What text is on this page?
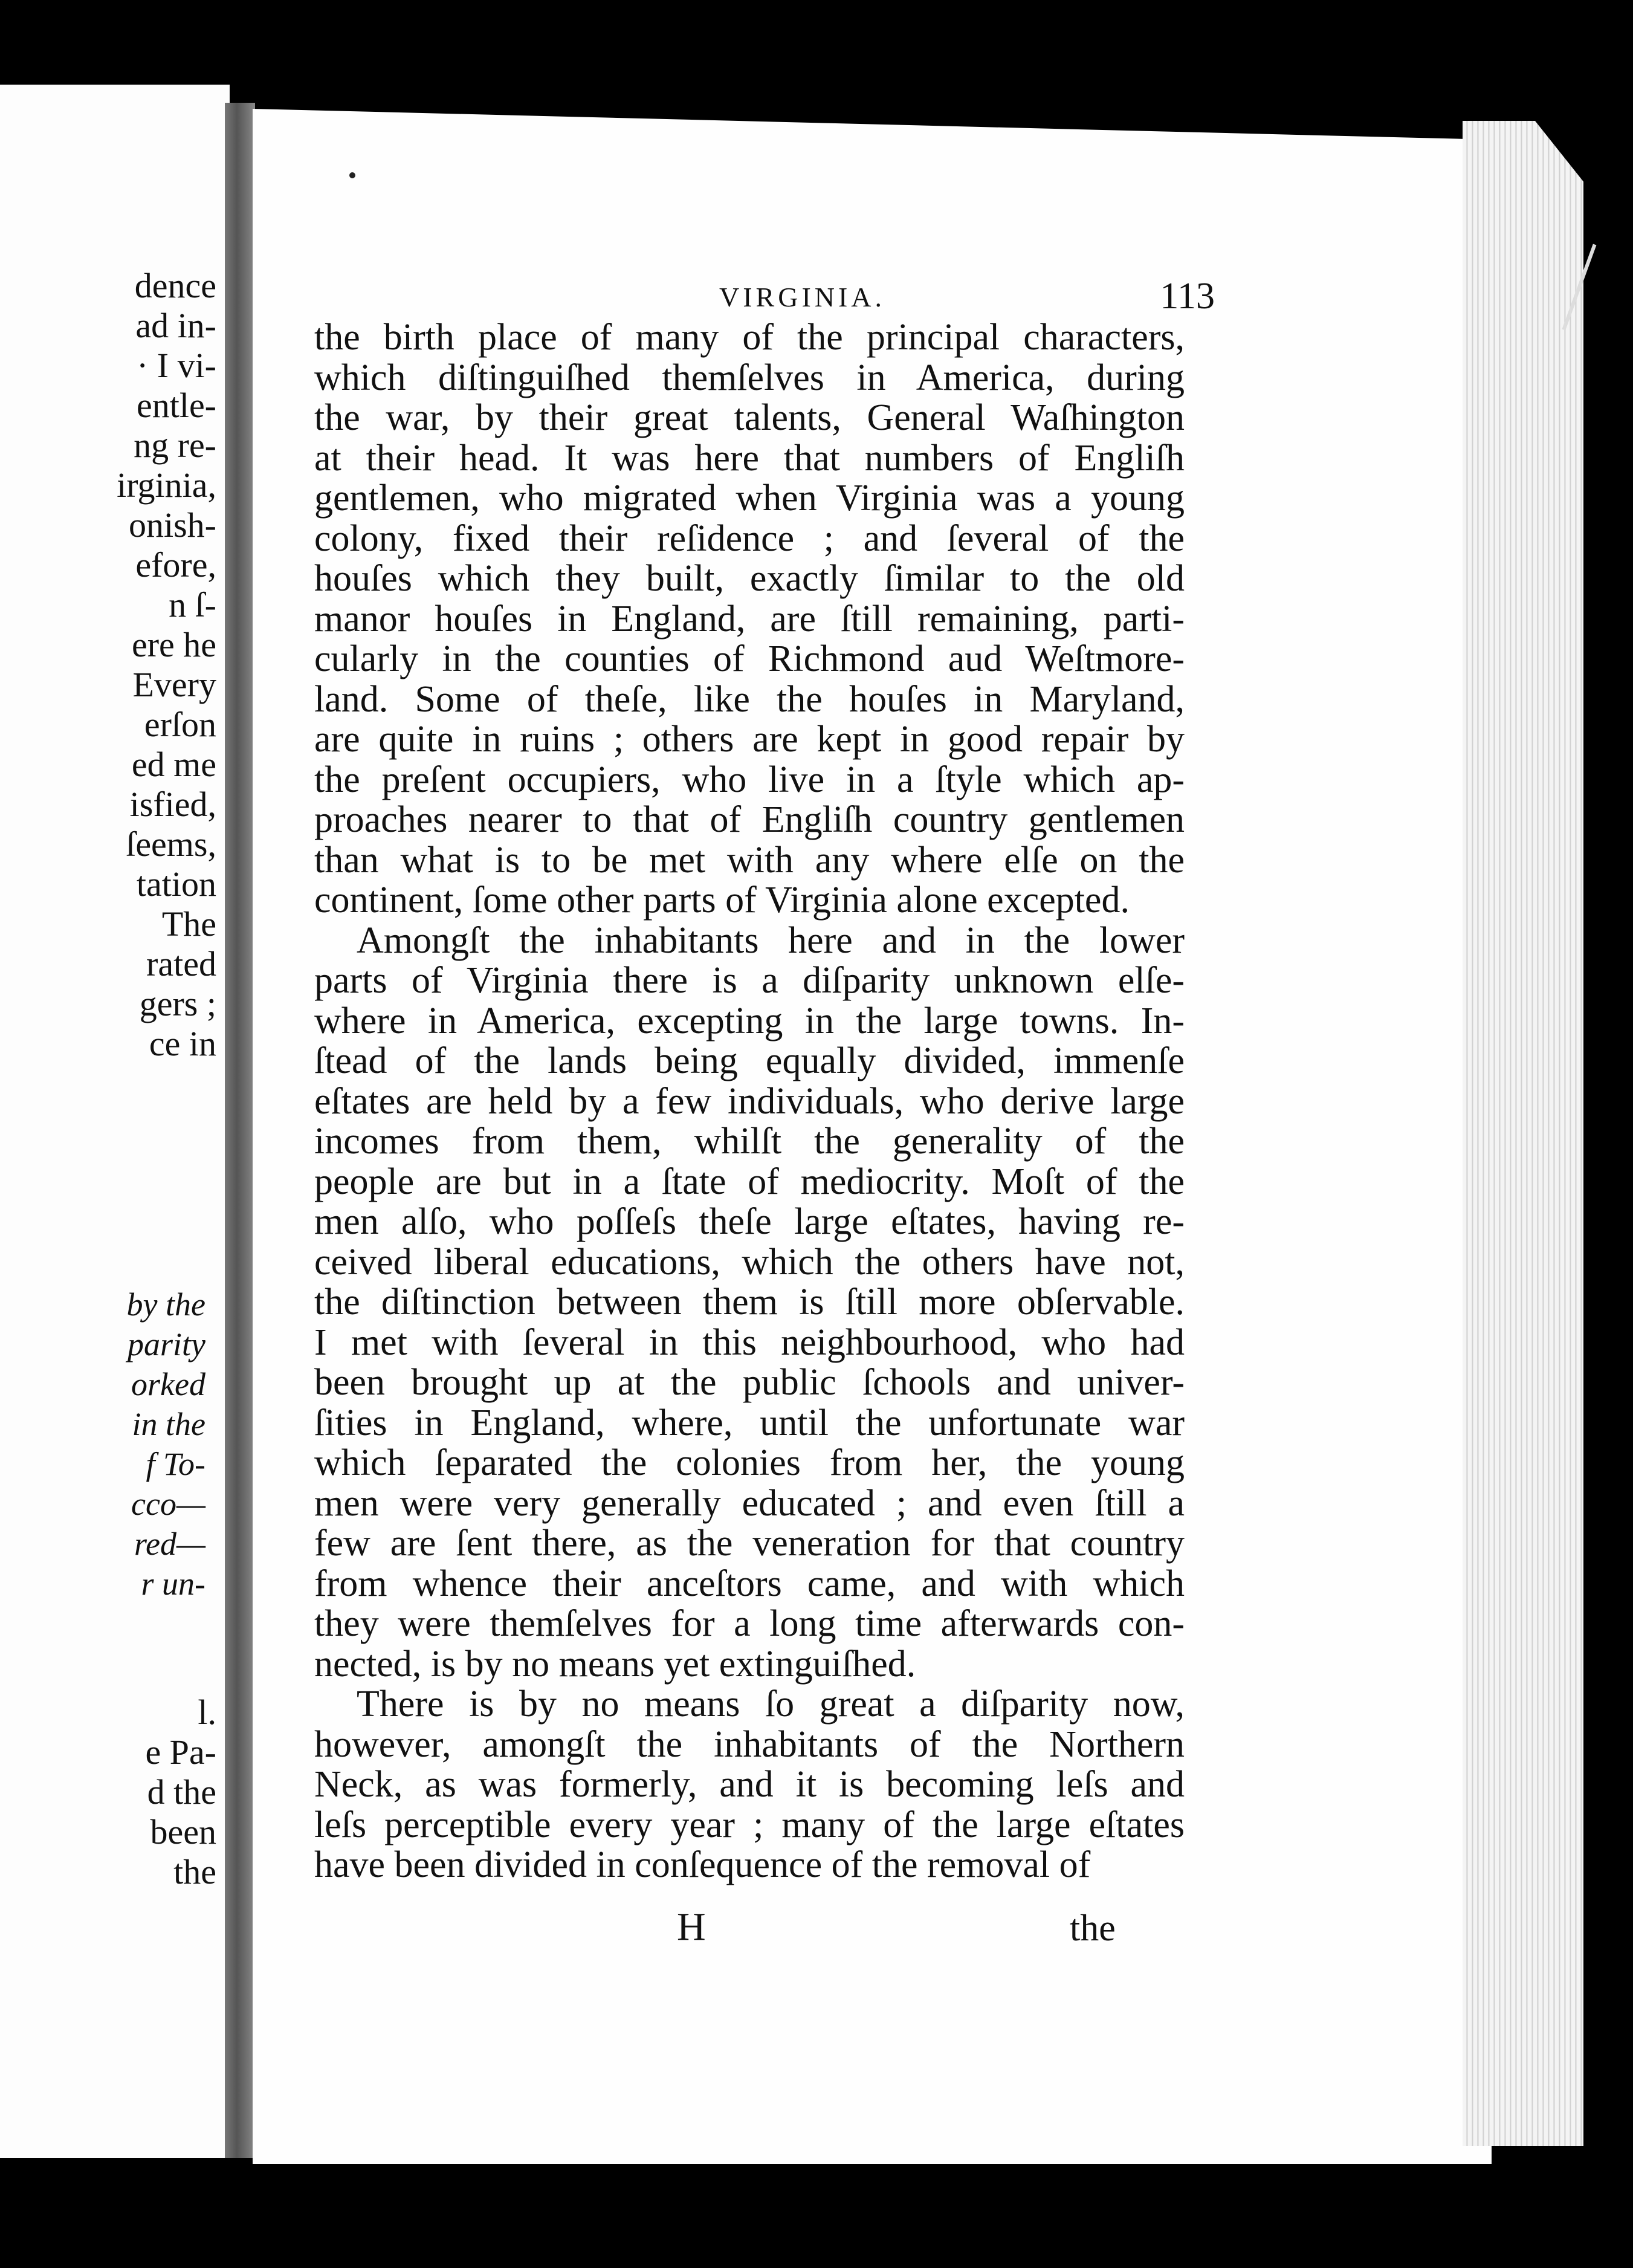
dence
ad in-
· I vi-
entle-
ng re-
irginia,
onish-
efore,
n ſ-
ere he
Every
erſon
ed me
isfied,
ſeems,
tation
The
rated
gers ;
ce in
by the
parity
orked
in the
f To-
cco—
red—
r un-
l.
e Pa-
d the
been
the
VIRGINIA.	113
the birth place of many of the principal characters,
which diſtinguiſhed themſelves in America, during
the war, by their great talents, General Waſhington
at their head. It was here that numbers of Engliſh
gentlemen, who migrated when Virginia was a young
colony, fixed their reſidence ; and ſeveral of the
houſes which they built, exactly ſimilar to the old
manor houſes in England, are ſtill remaining, parti-
cularly in the counties of Richmond aud Weſtmore-
land. Some of theſe, like the houſes in Maryland,
are quite in ruins ; others are kept in good repair by
the preſent occupiers, who live in a ſtyle which ap-
proaches nearer to that of Engliſh country gentlemen
than what is to be met with any where elſe on the
continent, ſome other parts of Virginia alone excepted.
Amongſt the inhabitants here and in the lower
parts of Virginia there is a diſparity unknown elſe-
where in America, excepting in the large towns. In-
ſtead of the lands being equally divided, immenſe
eſtates are held by a few individuals, who derive large
incomes from them, whilſt the generality of the
people are but in a ſtate of mediocrity. Moſt of the
men alſo, who poſſeſs theſe large eſtates, having re-
ceived liberal educations, which the others have not,
the diſtinction between them is ſtill more obſervable.
I met with ſeveral in this neighbourhood, who had
been brought up at the public ſchools and univer-
ſities in England, where, until the unfortunate war
which ſeparated the colonies from her, the young
men were very generally educated ; and even ſtill a
few are ſent there, as the veneration for that country
from whence their anceſtors came, and with which
they were themſelves for a long time afterwards con-
nected, is by no means yet extinguiſhed.
There is by no means ſo great a diſparity now,
however, amongſt the inhabitants of the Northern
Neck, as was formerly, and it is becoming leſs and
leſs perceptible every year ; many of the large eſtates
have been divided in conſequence of the removal of
H	the
